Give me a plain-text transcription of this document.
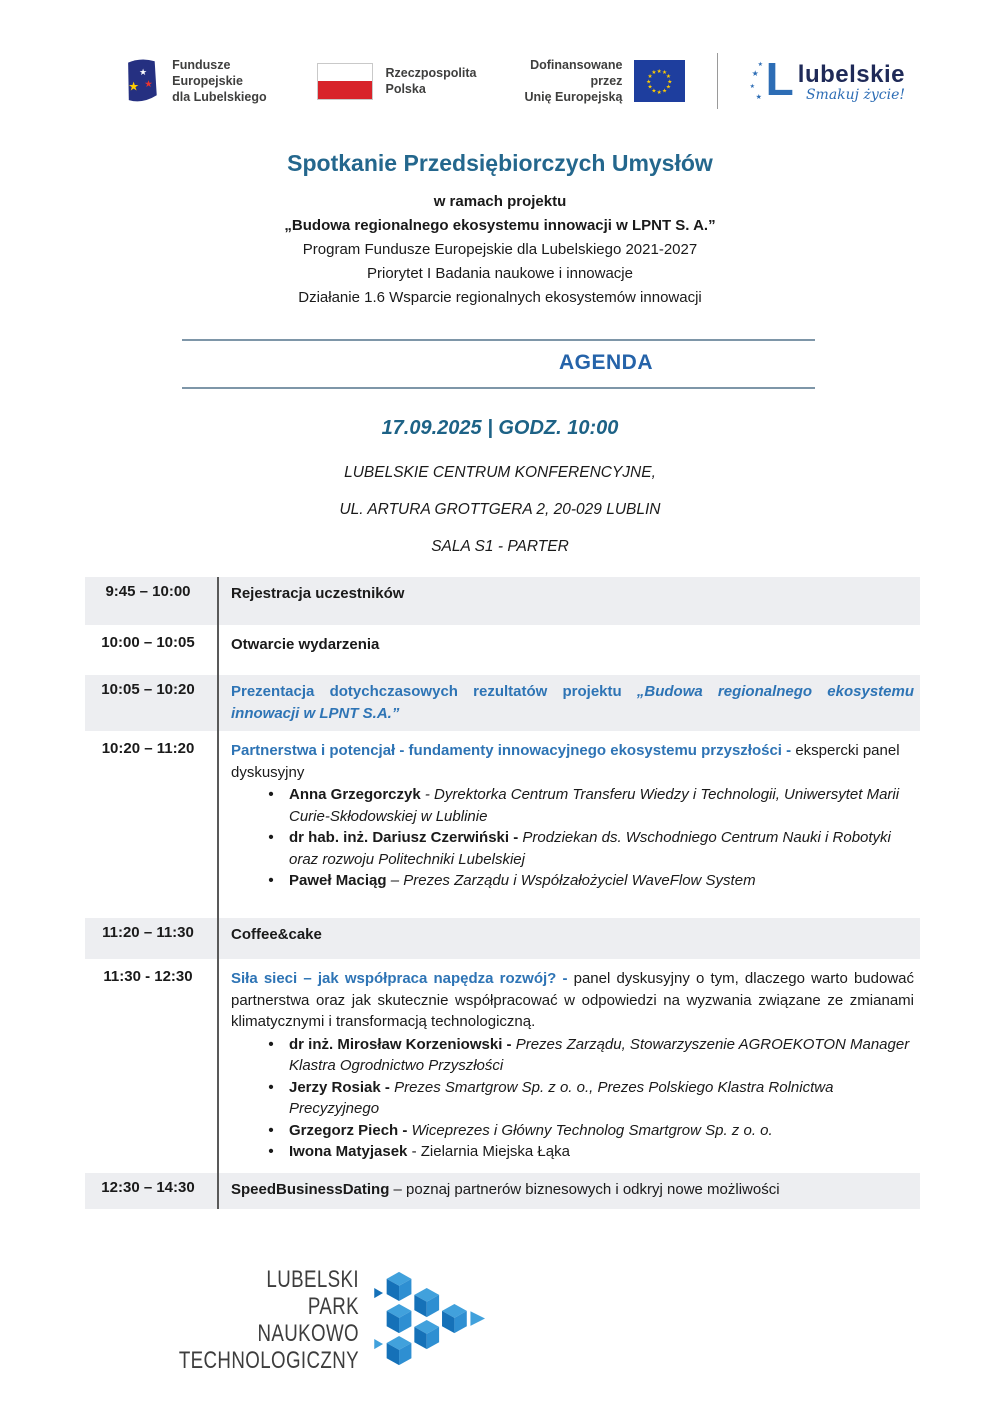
★
★ ★
Fundusze Europejskie
dla Lubelskiego
Rzeczpospolita
Polska
Dofinansowane przez
Unię Europejską
★ ★
★
★
★
★
★
★
★
★
★
★	★
★
★
★ L lubelskie
Smakuj życie!
Spotkanie Przedsiębiorczych Umysłów
w ramach projektu
„Budowa regionalnego ekosystemu innowacji w LPNT S. A.”
Program Fundusze Europejskie dla Lubelskiego 2021-2027
Priorytet I Badania naukowe i innowacje
Działanie 1.6 Wsparcie regionalnych ekosystemów innowacji
AGENDA
17.09.2025 | GODZ. 10:00
LUBELSKIE CENTRUM KONFERENCYJNE,
UL. ARTURA GROTTGERA 2, 20-029 LUBLIN
SALA S1 - PARTER
9:45 – 10:00	Rejestracja uczestników
10:00 – 10:05	Otwarcie wydarzenia
10:05 – 10:20	Prezentacja dotychczasowych rezultatów projektu „Budowa regionalnego ekosystemu innowacji w LPNT S.A.”
10:20 – 11:20	Partnerstwa i potencjał - fundamenty innowacyjnego ekosystemu przyszłości - ekspercki panel dyskusyjny
•	Anna Grzegorczyk - Dyrektorka Centrum Transferu Wiedzy i Technologii, Uniwersytet Marii Curie-Skłodowskiej w Lublinie
•	dr hab. inż. Dariusz Czerwiński - Prodziekan ds. Wschodniego Centrum Nauki i Robotyki oraz rozwoju Politechniki Lubelskiej
•	Paweł Maciąg – Prezes Zarządu i Współzałożyciel WaveFlow System
11:20 – 11:30	Coffee&cake
11:30 - 12:30	Siła sieci – jak współpraca napędza rozwój? - panel dyskusyjny o tym, dlaczego warto budować partnerstwa oraz jak skutecznie współpracować w odpowiedzi na wyzwania związane ze zmianami klimatycznymi i transformacją technologiczną.
•	dr inż. Mirosław Korzeniowski - Prezes Zarządu, Stowarzyszenie AGROEKOTON Manager Klastra Ogrodnictwo Przyszłości
•	Jerzy Rosiak - Prezes Smartgrow Sp. z o. o., Prezes Polskiego Klastra Rolnictwa Precyzyjnego
•	Grzegorz Piech - Wiceprezes i Główny Technolog Smartgrow Sp. z o. o.
•	Iwona Matyjasek - Zielarnia Miejska Łąka
12:30 – 14:30	SpeedBusinessDating – poznaj partnerów biznesowych i odkryj nowe możliwości
LUBELSKI
PARK
NAUKOWO
TECHNOLOGICZNY
